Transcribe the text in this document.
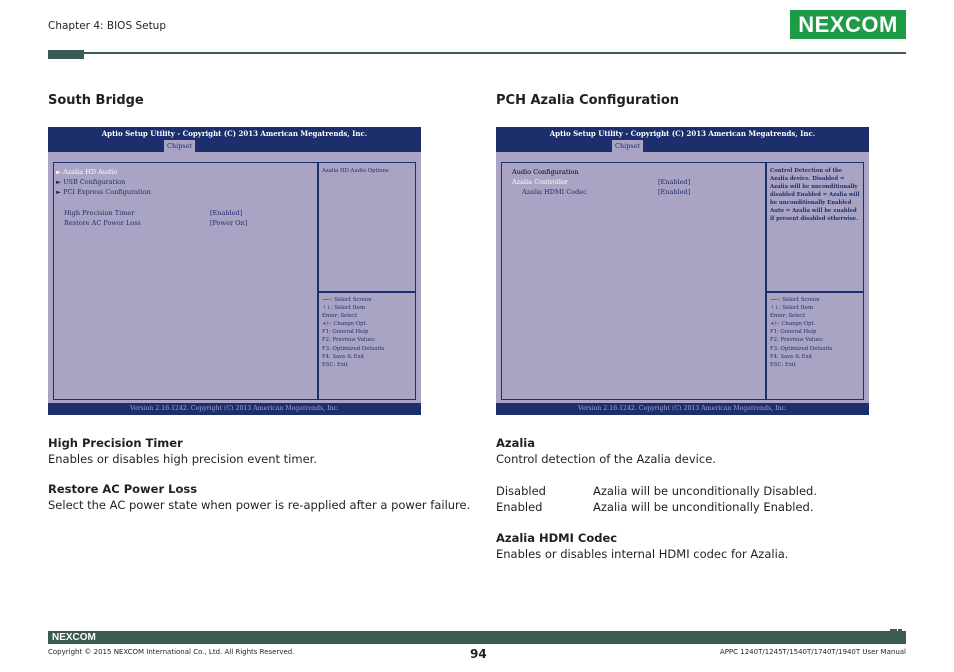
Chapter 4: BIOS Setup	NEXCOM
South Bridge
Aptio Setup Utility - Copyright (C) 2013 American Megatrends, Inc.
Chipset
► Azalia HD Audio
► USB Configuration
► PCI Express Configuration
High Precision Timer	[Enabled]
Restore AC Power Loss	[Power On]
Azalia HD Audio Options
→←: Select Screen
↑↓: Select Item
Enter: Select
+/-: Change Opt.
F1: General Help
F2: Previous Values
F3: Optimized Defaults
F4: Save & Exit
ESC: Exit
Version 2.16.1242. Copyright (C) 2013 American Megatrends, Inc.

High Precision Timer

Enables or disables high precision event timer.

Restore AC Power Loss

Select the AC power state when power is re-applied after a power failure.

PCH Azalia Configuration
Aptio Setup Utility - Copyright (C) 2013 American Megatrends, Inc.
Chipset
Audio Configuration
Azalia Controller	[Enabled]
Azalia HDMI Codec	[Enabled]
Control Detection of the Azalia device. Disabled = Azalia will be unconditionally disabled Enabled = Azalia will be unconditionally Enabled Auto = Azalia will be enabled if present disabled otherwise.
→←: Select Screen
↑↓: Select Item
Enter: Select
+/-: Change Opt.
F1: General Help
F2: Previous Values
F3: Optimized Defaults
F4: Save & Exit
ESC: Exit
Version 2.16.1242. Copyright (C) 2013 American Megatrends, Inc.

Azalia

Control detection of the Azalia device.

Disabled	Azalia will be unconditionally Disabled.

Enabled	Azalia will be unconditionally Enabled.

Azalia HDMI Codec

Enables or disables internal HDMI codec for Azalia.

NEXCOM
Copyright © 2015 NEXCOM International Co., Ltd. All Rights Reserved.	94	APPC 1240T/1245T/1540T/1740T/1940T User Manual
